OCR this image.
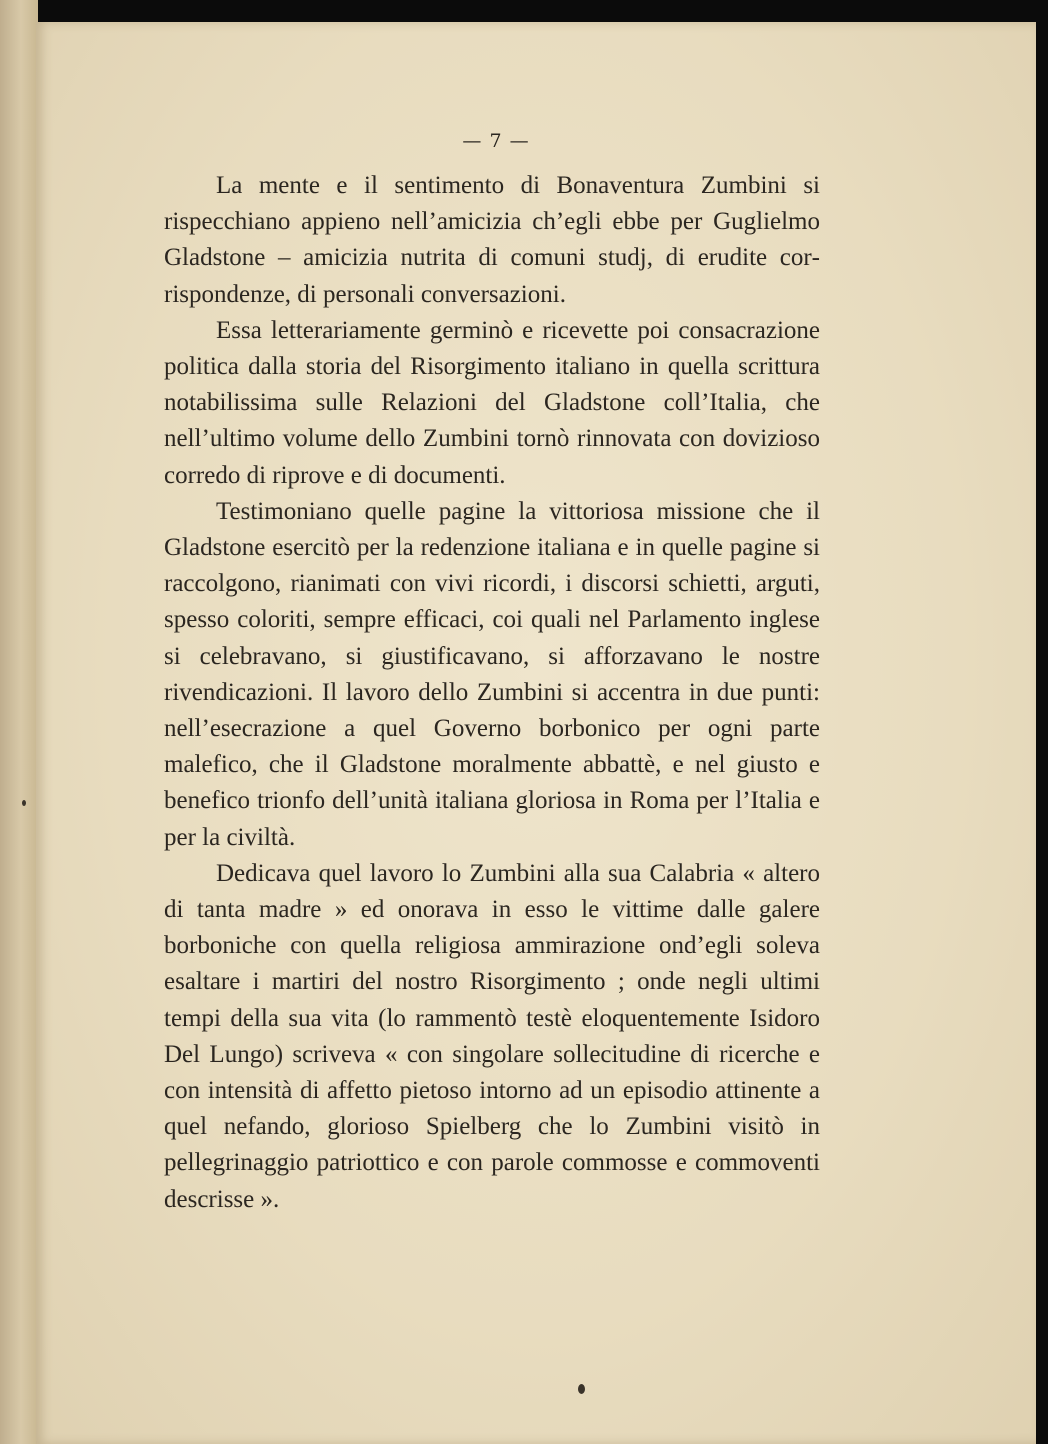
— 7 —

La mente e il sentimento di Bonaventura Zumbini si rispecchiano appieno nell’amicizia ch’egli ebbe per Guglielmo Gladstone – amicizia nutrita di comuni studj, di erudite corrispondenze, di personali conversazioni.

Essa letterariamente germinò e ricevette poi consacrazione politica dalla storia del Risorgimento italiano in quella scrittura notabilissima sulle Relazioni del Gladstone coll’Italia, che nell’ultimo volume dello Zumbini tornò rinnovata con dovizioso corredo di riprove e di documenti.

Testimoniano quelle pagine la vittoriosa missione che il Gladstone esercitò per la redenzione italiana e in quelle pagine si raccolgono, rianimati con vivi ricordi, i discorsi schietti, arguti, spesso coloriti, sempre efficaci, coi quali nel Parlamento inglese si celebravano, si giustificavano, si afforzavano le nostre rivendicazioni. Il lavoro dello Zumbini si accentra in due punti: nell’esecrazione a quel Governo borbonico per ogni parte malefico, che il Gladstone moralmente abbattè, e nel giusto e benefico trionfo dell’unità italiana gloriosa in Roma per l’Italia e per la civiltà.

Dedicava quel lavoro lo Zumbini alla sua Calabria « altero di tanta madre » ed onorava in esso le vittime dalle galere borboniche con quella religiosa ammirazione ond’egli soleva esaltare i martiri del nostro Risorgimento ; onde negli ultimi tempi della sua vita (lo rammentò testè eloquentemente Isidoro Del Lungo) scriveva « con singolare sollecitudine di ricerche e con intensità di affetto pietoso intorno ad un episodio attinente a quel nefando, glorioso Spielberg che lo Zumbini visitò in pellegrinaggio patriottico e con parole commosse e commoventi descrisse ».
